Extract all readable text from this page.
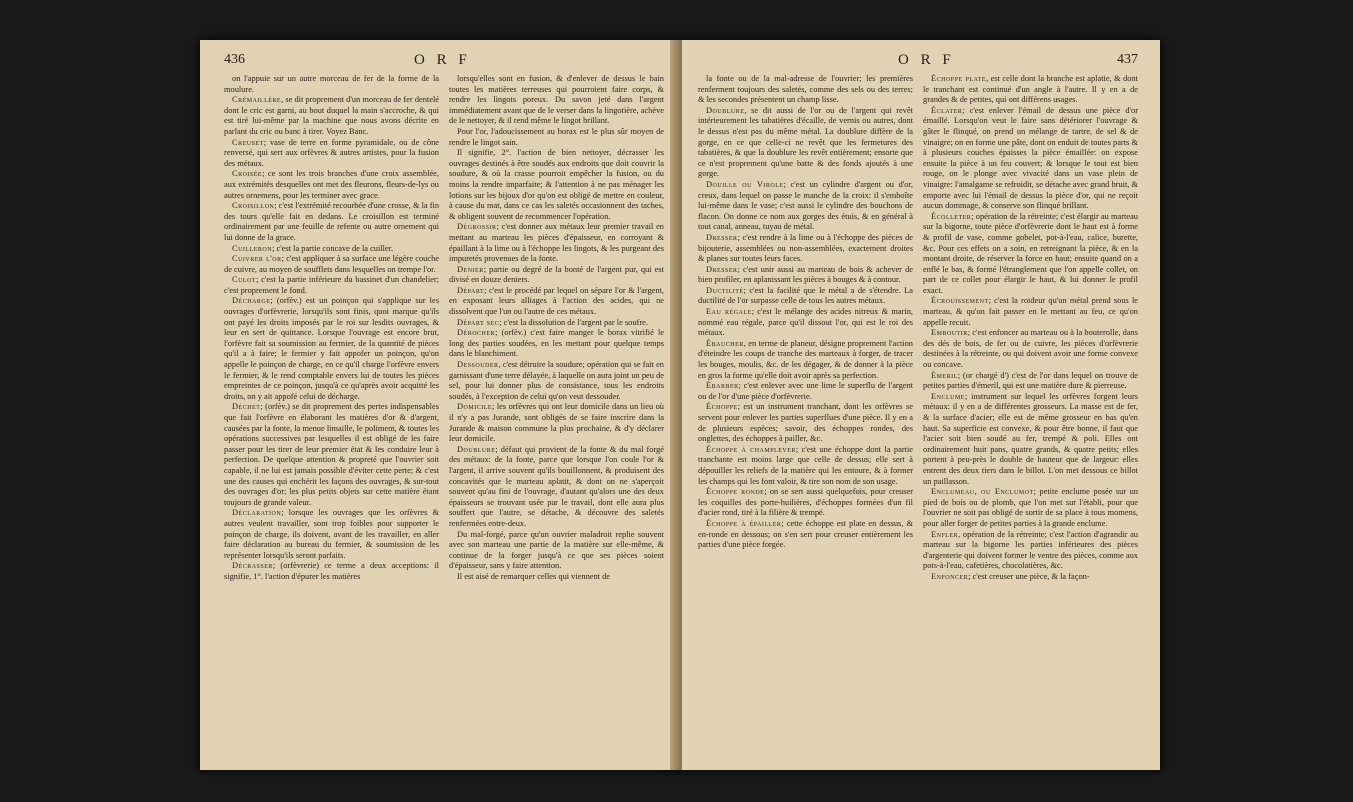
436	O R F

on l'appuie sur un autre morceau de fer de la forme de la moulure.

Crémaillère, se dit proprement d'un morceau de fer dentelé dont le cric est garni, au bout duquel la main s'accroche, & qui est tiré lui-même par la machine que nous avons décrite en parlant du cric ou banc à tirer. Voyez Banc.

Creuset; vase de terre en forme pyramidale, ou de cône renversé, qui sert aux orfèvres & autres artistes, pour la fusion des métaux.

Croisée; ce sont les trois branches d'une croix assemblée, aux extrémités desquelles ont met des fleurons, fleurs-de-lys ou autres ornemens, pour les terminer avec grace.

Croisillon; c'est l'extrémité recourbée d'une crosse, & la fin des tours qu'elle fait en dedans. Le croisillon est terminé ordinairement par une feuille de refente ou autre ornement qui lui donne de la grace.

Cuilleron; c'est la partie concave de la cuiller.

Cuivrer l'or; c'est appliquer à sa surface une légère couche de cuivre, au moyen de soufflets dans lesquelles on trempe l'or.

Culot; c'est la partie inférieure du bassinet d'un chandelier; c'est proprement le fond.

Décharge; (orfèv.) est un poinçon qui s'applique sur les ouvrages d'orfèvrerie, lorsqu'ils sont finis, quoi marque qu'ils ont payé les droits imposés par le roi sur lesdits ouvrages, & leur en sert de quittance. Lorsque l'ouvrage est encore brut, l'orfèvre fait sa soumission au fermier, de la quantité de pièces qu'il a à faire; le fermier y fait appofer un poinçon, qu'on appelle le poinçon de charge, en ce qu'il charge l'orfèvre envers le fermier, & le rend comptable envers lui de toutes les pièces empreintes de ce poinçon, jusqu'à ce qu'après avoir acquitté les droits, on y ait appofé celui de décharge.

Déchet; (orfèv.) se dit proprement des pertes indispensables que fait l'orfèvre en élaborant les matières d'or & d'argent, causées par la fonte, la menue limaille, le poliment, & toutes les opérations successives par lesquelles il est obligé de les faire passer pour les tirer de leur premier état & les conduire leur à perfection. De quelque attention & propreté que l'ouvrier soit capable, il ne lui est jamais possible d'éviter cette perte; & c'est une des causes qui enchérit les façons des ouvrages, & sur-tout des ouvrages d'or; les plus petits objets sur cette matière étant toujours de grande valeur.

Déclaration; lorsque les ouvrages que les orfèvres & autres veulent travailler, sont trop foibles pour supporter le poinçon de charge, ils doivent, avant de les travailler, en aller faire déclaration au bureau du fermier, & soumission de les représenter lorsqu'ils seront parfaits.

Décrasser; (orfèvrerie) ce terme a deux acceptions: il signifie, 1°. l'action d'épurer les matières

lorsqu'elles sont en fusion, & d'enlever de dessus le bain toutes les matières terreuses qui pourroient faire corps, & rendre les lingots poreux. Du savon jeté dans l'argent immédiatement avant que de le verser dans la lingotière, achève de le nettoyer, & il rend même le lingot brillant.

Pour l'or, l'adoucissement au borax est le plus sûr moyen de rendre le lingot sain.

Il signifie, 2°. l'action de bien nettoyer, décrasser les ouvrages destinés à être soudés aux endroits que doit couvrir la soudure, & où la crasse pourroit empêcher la fusion, ou du moins la rendre imparfaite; & l'attention à ne pas ménager les lotions sur les bijoux d'or qu'on est obligé de mettre en couleur, à cause du mat, dans ce cas les saletés occasionnent des taches, & obligent souvent de recommencer l'opération.

Dégrossir; c'est donner aux métaux leur premier travail en mettant au marteau les pièces d'épaisseur, en corroyant & épaillant à la lime ou à l'échoppe les lingots, & les purgeant des impuretés provenues de la fonte.

Denier; partie ou degré de la bonté de l'argent pur, qui est divisé en douze deniers.

Départ; c'est le procédé par lequel on sépare l'or & l'argent, en exposant leurs alliages à l'action des acides, qui ne dissolvent que l'un ou l'autre de ces métaux.

Départ sec; c'est la dissolution de l'argent par le soufre.

Dérocher; (orfèv.) c'est faire manger le borax vitrifié le long des parties soudées, en les mettant pour quelque temps dans le blanchiment.

Dessouder, c'est détruire la soudure; opération qui se fait en garnissant d'une terre délayée, à laquelle on aura joint un peu de sel, pour lui donner plus de consistance, tous les endroits soudés, à l'exception de celui qu'on veut dessouder.

Domicile; les orfèvres qui ont leur domicile dans un lieu où il n'y a pas Jurande, sont obligés de se faire inscrire dans la Jurande & maison commune la plus prochaine, & d'y déclarer leur domicile.

Doublure; défaut qui provient de la fonte & du mal forgé des métaux: de la fonte, parce que lorsque l'on coule l'or & l'argent, il arrive souvent qu'ils bouillonnent, & produisent des concavités que le marteau aplatit, & dont on ne s'aperçoit souvent qu'au fini de l'ouvrage, d'autant qu'alors une des deux épaisseurs se trouvant usée par le travail, dont elle aura plus souffert que l'autre, se détache, & découvre des saletés renfermées entre-deux.

Du mal-forgé, parce qu'un ouvrier maladroit replie souvent avec son marteau une partie de la matière sur elle-même, & continue de la forger jusqu'à ce que ses pièces soient d'épaisseur, sans y faire attention.

Il est aisé de remarquer celles qui viennent de

O R F	437

la fonte ou de la mal-adresse de l'ouvrier; les premières renferment toujours des saletés, comme des sels ou des terres; & les secondes présentent un champ lisse.

Doublure, se dit aussi de l'or ou de l'argent qui revêt intérieurement les tabatières d'écaille, de vernis ou autres, dont le dessus n'est pas du même métal. La doublure diffère de la gorge, en ce que celle-ci ne revêt que les fermetures des tabatières, & que la doublure les revêt entièrement; ensorte que ce n'est proprement qu'une batte & des fonds ajoutés à une gorge.

Douille ou Virole; c'est un cylindre d'argent ou d'or, creux, dans lequel on passe le manche de la croix: il s'emboîte lui-même dans le vase; c'est aussi le cylindre des bouchons de flacon. On donne ce nom aux gorges des étuis, & en général à tout canal, anneau, tuyau de métal.

Dresser; c'est rendre à la lime ou à l'échoppe des pièces de bijouterie, assemblées ou non-assemblées, exactement droites & planes sur toutes leurs faces.

Dresser; c'est unir aussi au marteau de bois & achever de bien profiler, en aplanissant les pièces à bouges & à contour.

Ductilité; c'est la facilité que le métal a de s'étendre. La ductilité de l'or surpasse celle de tous les autres métaux.

Eau régale; c'est le mélange des acides nitreux & marin, nommé eau régale, parce qu'il dissout l'or, qui est le roi des métaux.

Ébaucher, en terme de planeur, désigne proprement l'action d'éteindre les coups de tranche des marteaux à forger, de tracer les bouges, moulis, &c. de les dégager, & de donner à la pièce en gros la forme qu'elle doit avoir après sa perfection.

Ébarber; c'est enlever avec une lime le superflu de l'argent ou de l'or d'une pièce d'orfèvrerie.

Échoppe; est un instrument tranchant, dont les orfèvres se servent pour enlever les parties superflues d'une pièce. Il y en a de plusieurs espèces; savoir, des échoppes rondes, des onglettes, des échoppes à pailler, &c.

Échoppe à champlever; c'est une échoppe dont la partie tranchante est moins large que celle de dessus; elle sert à dépouiller les reliefs de la matière qui les entoure, & à former les champs qui les font valoir, & tire son nom de son usage.

Échoppe ronde; on se sert aussi quelquefois, pour creuser les coquilles des porte-huilières, d'échoppes formées d'un fil d'acier rond, tiré à la filière & trempé.

Échoppe à épailler; cette échoppe est plate en dessus, & en-ronde en dessous; on s'en sert pour creuser entièrement les parties d'une pièce forgée.

Échoppe plate, est celle dont la branche est aplatie, & dont le tranchant est continué d'un angle à l'autre. Il y en a de grandes & de petites, qui ont différens usages.

Éclater; c'est enlever l'émail de dessus une pièce d'or émaillé. Lorsqu'on veut le faire sans détériorer l'ouvrage & gâter le flinqué, on prend un mélange de tartre, de sel & de vinaigre; on en forme une pâte, dont on enduit de toutes parts & à plusieurs couches épaisses la pièce émaillée: on expose ensuite la pièce à un feu couvert; & lorsque le tout est bien rouge, on le plonge avec vivacité dans un vase plein de vinaigre: l'amalgame se refroidit, se détache avec grand bruit, & emporte avec lui l'émail de dessus la pièce d'or, qui ne reçoit aucun dommage, & conserve son flinqué brillant.

Écolleter; opération de la rétreinte; c'est élargir au marteau sur la bigorne, toute pièce d'orfèvrerie dont le haut est à forme & profil de vase, comme gobelet, pot-à-l'eau, calice, burette, &c. Pour ces effets on a soin, en retreignant la pièce, & en la montant droite, de réserver la force en haut; ensuite quand on a enflé le bas, & formé l'étranglement que l'on appelle collet, on part de ce collet pour élargir le haut, & lui donner le profil exact.

Écrouissement; c'est la roideur qu'un métal prend sous le marteau, & qu'on fait passer en le mettant au feu, ce qu'on appelle recuit.

Emboutir; c'est enfoncer au marteau ou à la bouterolle, dans des dés de bois, de fer ou de cuivre, les pièces d'orfèvrerie destinées à la rétreinte, ou qui doivent avoir une forme convexe ou concave.

Émeril; (or chargé d') c'est de l'or dans lequel on trouve de petites parties d'émeril, qui est une matière dure & pierreuse.

Enclume; instrument sur lequel les orfèvres forgent leurs métaux: il y en a de différentes grosseurs. La masse est de fer, & la surface d'acier; elle est de même grosseur en bas qu'en haut. Sa superficie est convexe, & pour être bonne, il faut que l'acier soit bien soudé au fer, trempé & poli. Elles ont ordinairement huit pans, quatre grands, & quatre petits; elles portent à peu-près le double de hauteur que de largeur: elles entrent des deux tiers dans le billot. L'on met dessous ce billot un paillasson.

Enclumeau, ou Enclumot; petite enclume posée sur un pied de bois ou de plomb, que l'on met sur l'établi, pour que l'ouvrier ne soit pas obligé de sortir de sa place à tous momens, pour aller forger de petites parties à la grande enclume.

Enfler, opération de la rétreinte; c'est l'action d'agrandir au marteau sur la bigorne les parties inférieures des pièces d'argenterie qui doivent former le ventre des pièces, comme aux pots-à-l'eau, cafetières, chocolatières, &c.

Enfoncer; c'est creuser une pièce, & la façon-
